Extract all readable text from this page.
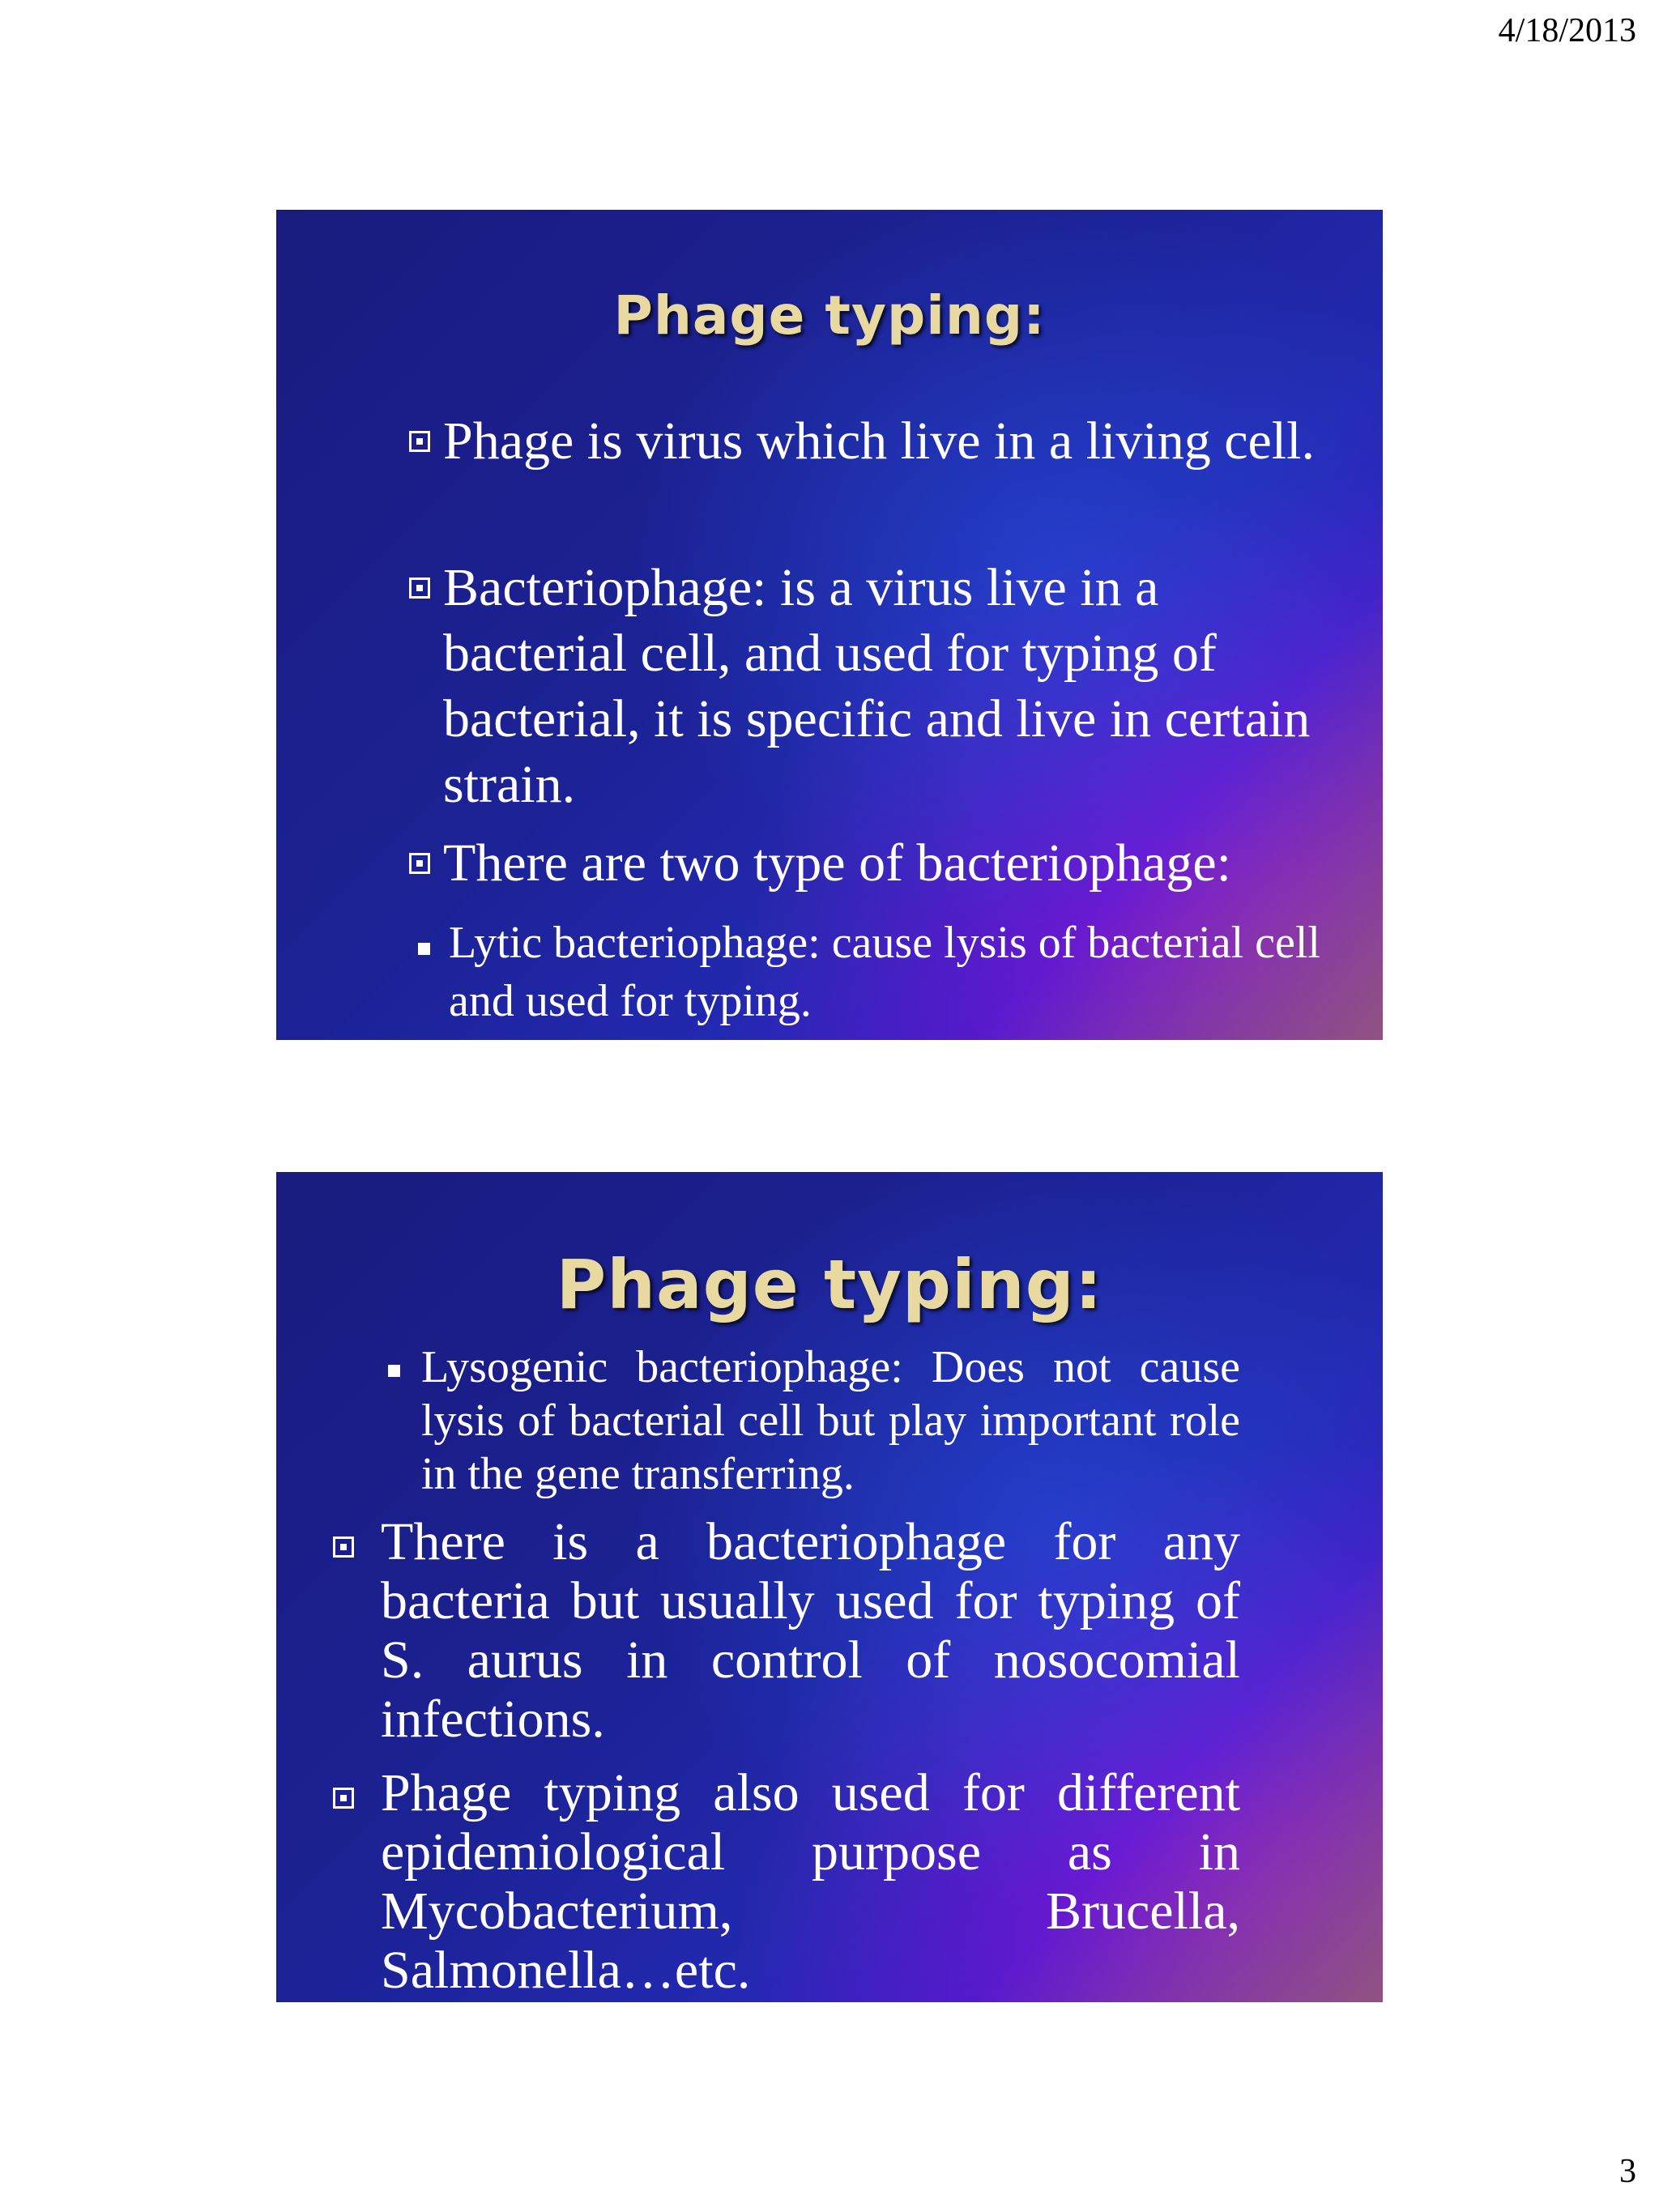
4/18/2013
Phage typing:
Phage is virus which live in a living cell.
Bacteriophage: is a virus live in a bacterial cell, and used for typing of bacterial, it is specific and live in certain strain.
There are two type of bacteriophage:
Lytic bacteriophage: cause lysis of bacterial cell and used for typing.
Phage typing:
Lysogenic bacteriophage: Does not cause lysis of bacterial cell but play important role in the gene transferring.
There is a bacteriophage for any bacteria but usually used for typing of S. aurus in control of nosocomial infections.
Phage typing also used for different epidemiological purpose as in Mycobacterium, Brucella, Salmonella…etc.
3
